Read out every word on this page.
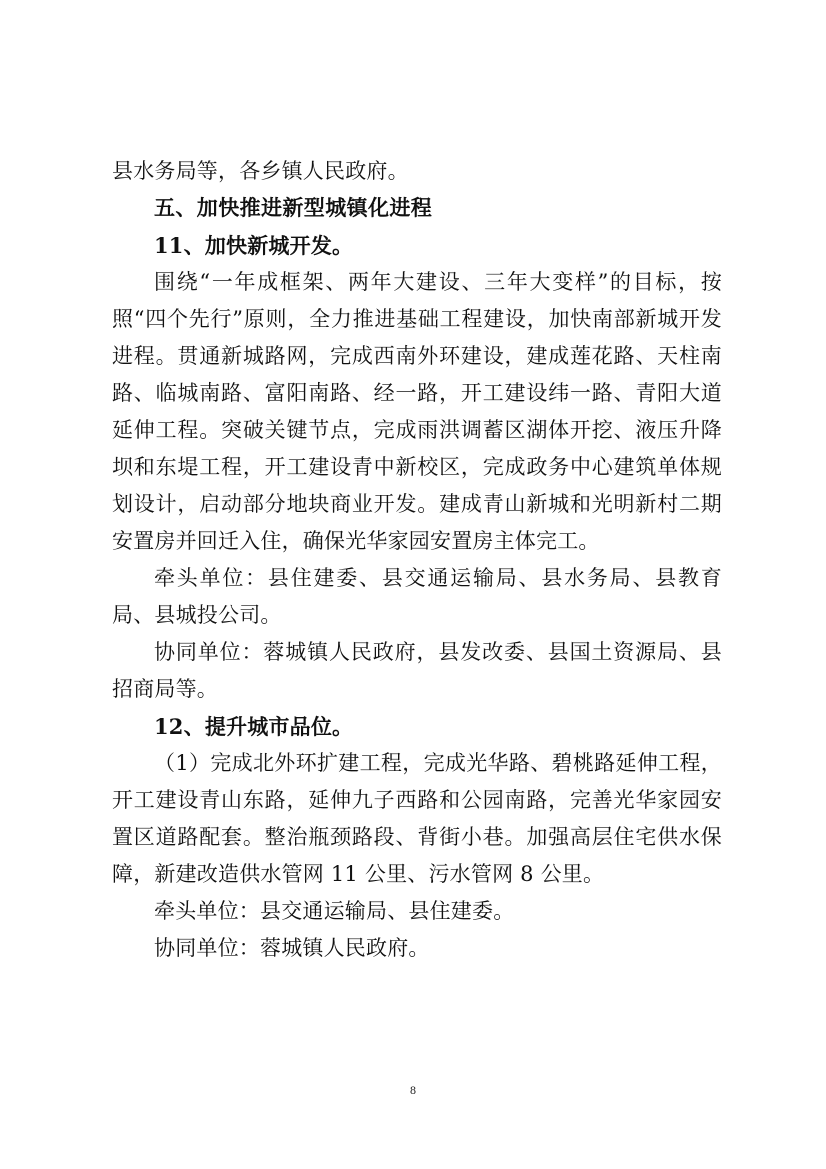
县水务局等，各乡镇人民政府。

五、加快推进新型城镇化进程

11、加快新城开发。

围绕“一年成框架、两年大建设、三年大变样”的目标，按照“四个先行”原则，全力推进基础工程建设，加快南部新城开发进程。贯通新城路网，完成西南外环建设，建成莲花路、天柱南路、临城南路、富阳南路、经一路，开工建设纬一路、青阳大道延伸工程。突破关键节点，完成雨洪调蓄区湖体开挖、液压升降坝和东堤工程，开工建设青中新校区，完成政务中心建筑单体规划设计，启动部分地块商业开发。建成青山新城和光明新村二期安置房并回迁入住，确保光华家园安置房主体完工。

牵头单位：县住建委、县交通运输局、县水务局、县教育局、县城投公司。

协同单位：蓉城镇人民政府，县发改委、县国土资源局、县招商局等。

12、提升城市品位。

（1）完成北外环扩建工程，完成光华路、碧桃路延伸工程，开工建设青山东路，延伸九子西路和公园南路，完善光华家园安置区道路配套。整治瓶颈路段、背街小巷。加强高层住宅供水保障，新建改造供水管网 11 公里、污水管网 8 公里。

牵头单位：县交通运输局、县住建委。

协同单位：蓉城镇人民政府。

8
